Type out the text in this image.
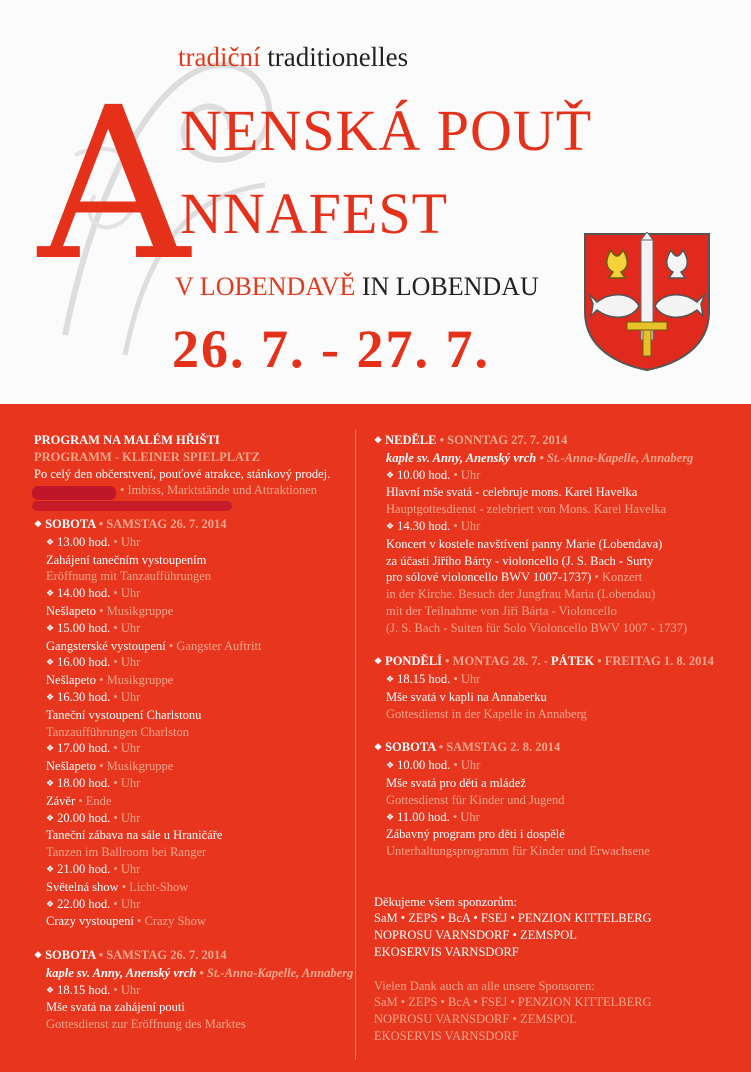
tradiční traditionelles
A
NENSKÁ POUŤ
NNAFEST
V LOBENDAVĚ IN LOBENDAU
26. 7. - 27. 7.

PROGRAM NA MALÉM HŘIŠTI

PROGRAMM - KLEINER SPIELPLATZ

Po celý den občerstvení, pouťové atrakce, stánkový prodej.

• Imbiss, Marktstände und Attraktionen

❖ SOBOTA • SAMSTAG 26. 7. 2014

❖ 13.00 hod. • Uhr

Zahájení tanečním vystoupením

Eröffnung mit Tanzaufführungen

❖ 14.00 hod. • Uhr

Nešlapeto • Musikgruppe

❖ 15.00 hod. • Uhr

Gangsterské vystoupení • Gangster Auftritt

❖ 16.00 hod. • Uhr

Nešlapeto • Musikgruppe

❖ 16.30 hod. • Uhr

Taneční vystoupení Charlstonu

Tanzaufführungen Charlston

❖ 17.00 hod. • Uhr

Nešlapeto • Musikgruppe

❖ 18.00 hod. • Uhr

Závěr • Ende

❖ 20.00 hod. • Uhr

Taneční zábava na sále u Hraničáře

Tanzen im Ballroom bei Ranger

❖ 21.00 hod. • Uhr

Světelná show • Licht-Show

❖ 22.00 hod. • Uhr

Crazy vystoupení • Crazy Show

❖ SOBOTA • SAMSTAG 26. 7. 2014

kaple sv. Anny, Anenský vrch • St.-Anna-Kapelle, Annaberg

❖ 18.15 hod. • Uhr

Mše svatá na zahájení pouti

Gottesdienst zur Eröffnung des Marktes

❖ NEDĚLE • SONNTAG 27. 7. 2014

kaple sv. Anny, Anenský vrch • St.-Anna-Kapelle, Annaberg

❖ 10.00 hod. • Uhr

Hlavní mše svatá - celebruje mons. Karel Havelka

Hauptgottesdienst - zelebriert von Mons. Karel Havelka

❖ 14.30 hod. • Uhr

Koncert v kostele navštívení panny Marie (Lobendava)

za účasti Jiřího Bárty - violoncello (J. S. Bach - Surty

pro sólové violoncello BWV 1007-1737) • Konzert

in der Kirche. Besuch der Jungfrau Maria (Lobendau)

mit der Teilnahme von Jiří Bárta - Violoncello

(J. S. Bach - Suiten für Solo Violoncello BWV 1007 - 1737)

❖ PONDĚLÍ • MONTAG 28. 7. - PÁTEK • FREITAG 1. 8. 2014

❖ 18.15 hod. • Uhr

Mše svatá v kapli na Annaberku

Gottesdienst in der Kapelle in Annaberg

❖ SOBOTA • SAMSTAG 2. 8. 2014

❖ 10.00 hod. • Uhr

Mše svatá pro děti a mládež

Gottesdienst für Kinder und Jugend

❖ 11.00 hod. • Uhr

Zábavný program pro děti i dospělé

Unterhaltungsprogramm für Kinder und Erwachsene

Děkujeme všem sponzorům:

SaM • ZEPS • BcA • FSEJ • PENZION KITTELBERG

NOPROSU VARNSDORF • ZEMSPOL

EKOSERVIS VARNSDORF

Vielen Dank auch an alle unsere Sponsoren:

SaM • ZEPS • BcA • FSEJ • PENZION KITTELBERG

NOPROSU VARNSDORF • ZEMSPOL

EKOSERVIS VARNSDORF
